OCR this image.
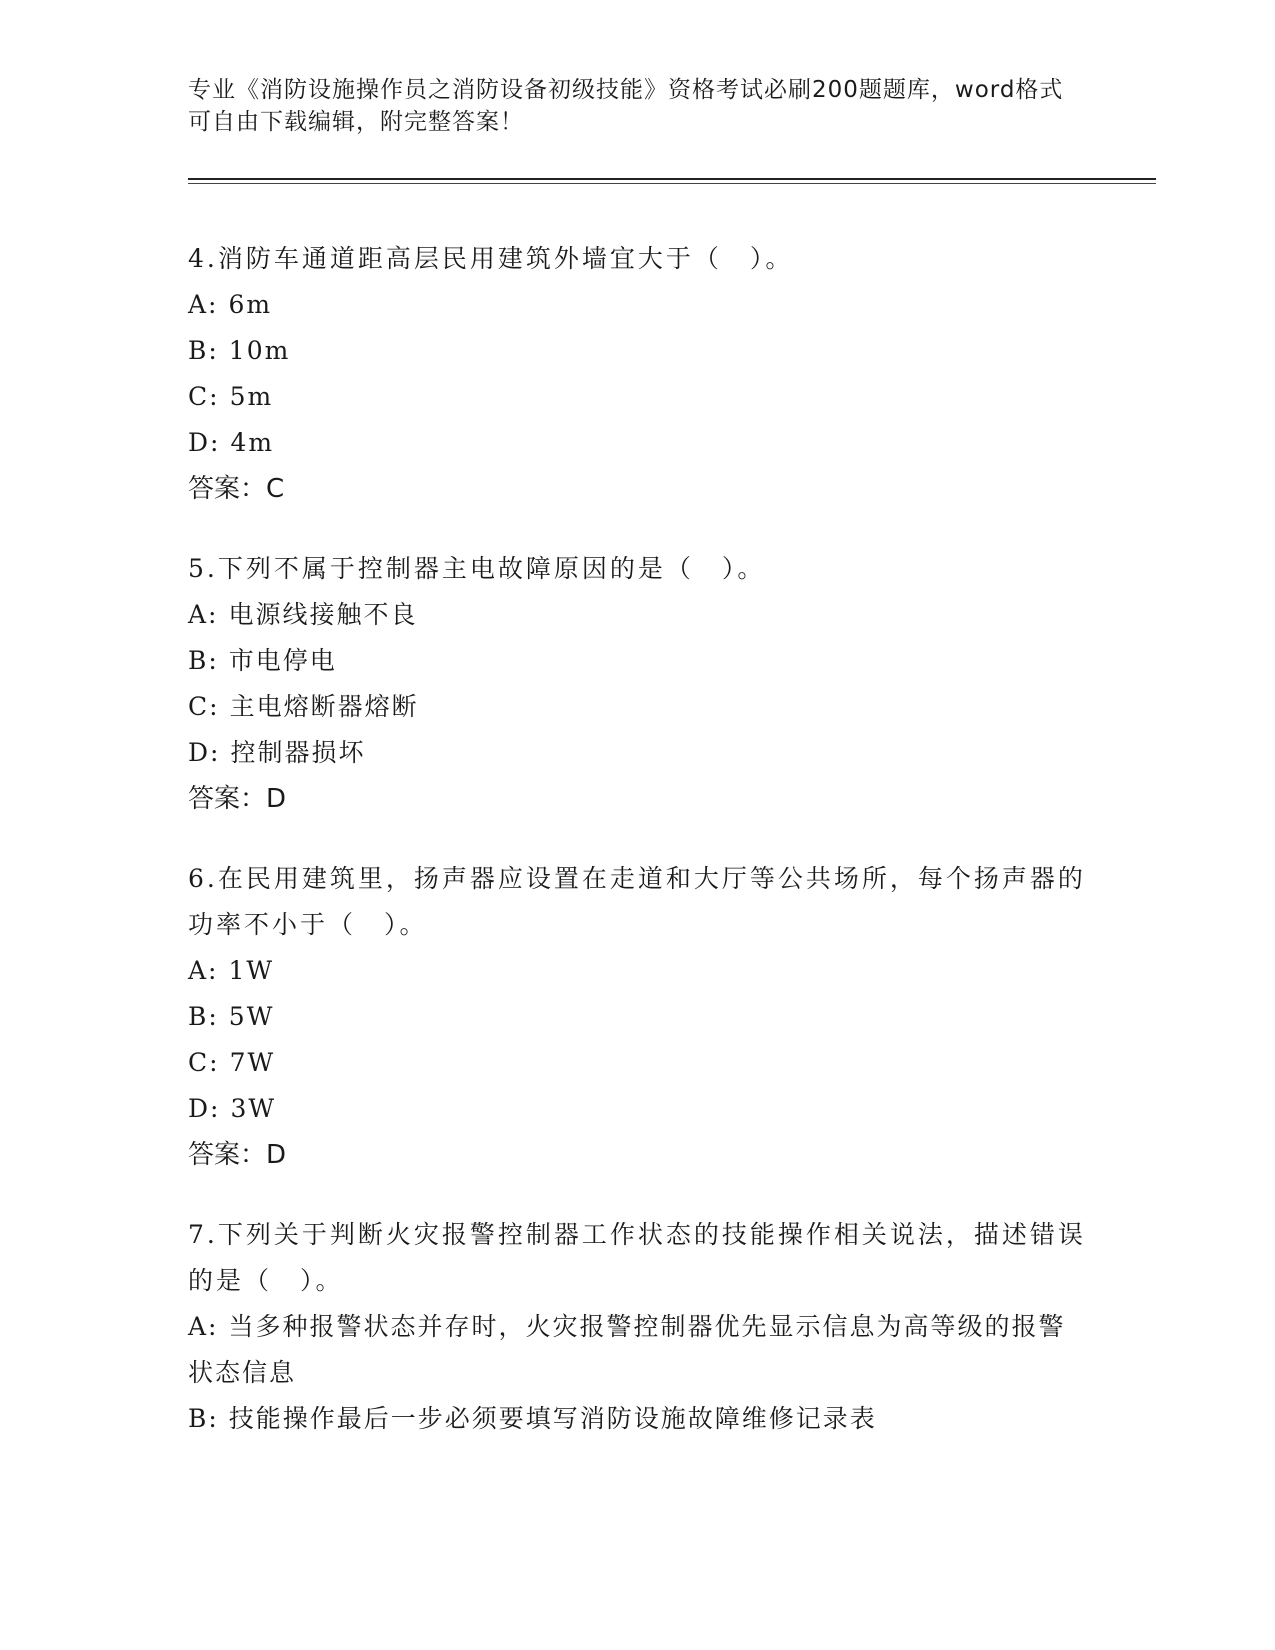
专业《消防设施操作员之消防设备初级技能》资格考试必刷200题题库，word格式可自由下载编辑，附完整答案！
4.消防车通道距高层民用建筑外墙宜大于（　）。
A: 6m
B: 10m
C: 5m
D: 4m
答案：C
5.下列不属于控制器主电故障原因的是（　）。
A: 电源线接触不良
B: 市电停电
C: 主电熔断器熔断
D: 控制器损坏
答案：D
6.在民用建筑里，扬声器应设置在走道和大厅等公共场所，每个扬声器的功率不小于（　）。
A: 1W
B: 5W
C: 7W
D: 3W
答案：D
7.下列关于判断火灾报警控制器工作状态的技能操作相关说法，描述错误的是（　）。
A: 当多种报警状态并存时，火灾报警控制器优先显示信息为高等级的报警状态信息
B: 技能操作最后一步必须要填写消防设施故障维修记录表
